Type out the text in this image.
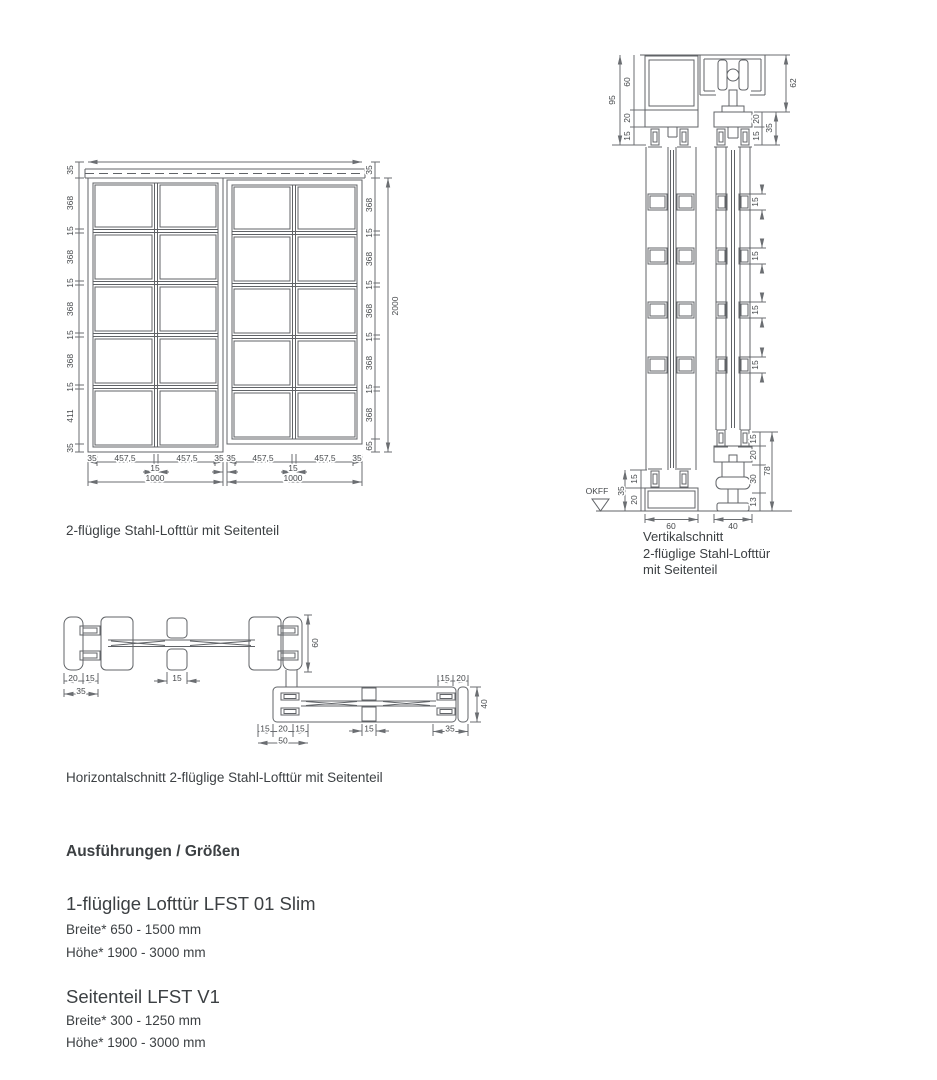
35
368
15
368
15
368
15
368
15
411
35
35
368
15
368
15
368
15
368
15
368
65
2000
35 457,5	457,5 35 35 457,5	457,5 35
15	15
1000	1000
95
60
20
15
62
20
15
35
15
15
15
15
OKFF
15
35
20
15
20
30
13
78
60	40
20 15
35
15
60
15 20
40
15 20 15
50
15	35
2-flüglige Stahl-Lofttür mit Seitenteil	Vertikalschnitt
2-flüglige Stahl-Lofttür
mit Seitenteil
Horizontalschnitt 2-flüglige Stahl-Lofttür mit Seitenteil
Ausführungen / Größen
1-flüglige Lofttür LFST 01 Slim
Breite* 650 - 1500 mm
Höhe* 1900 - 3000 mm
Seitenteil LFST V1
Breite* 300 - 1250 mm
Höhe* 1900 - 3000 mm
